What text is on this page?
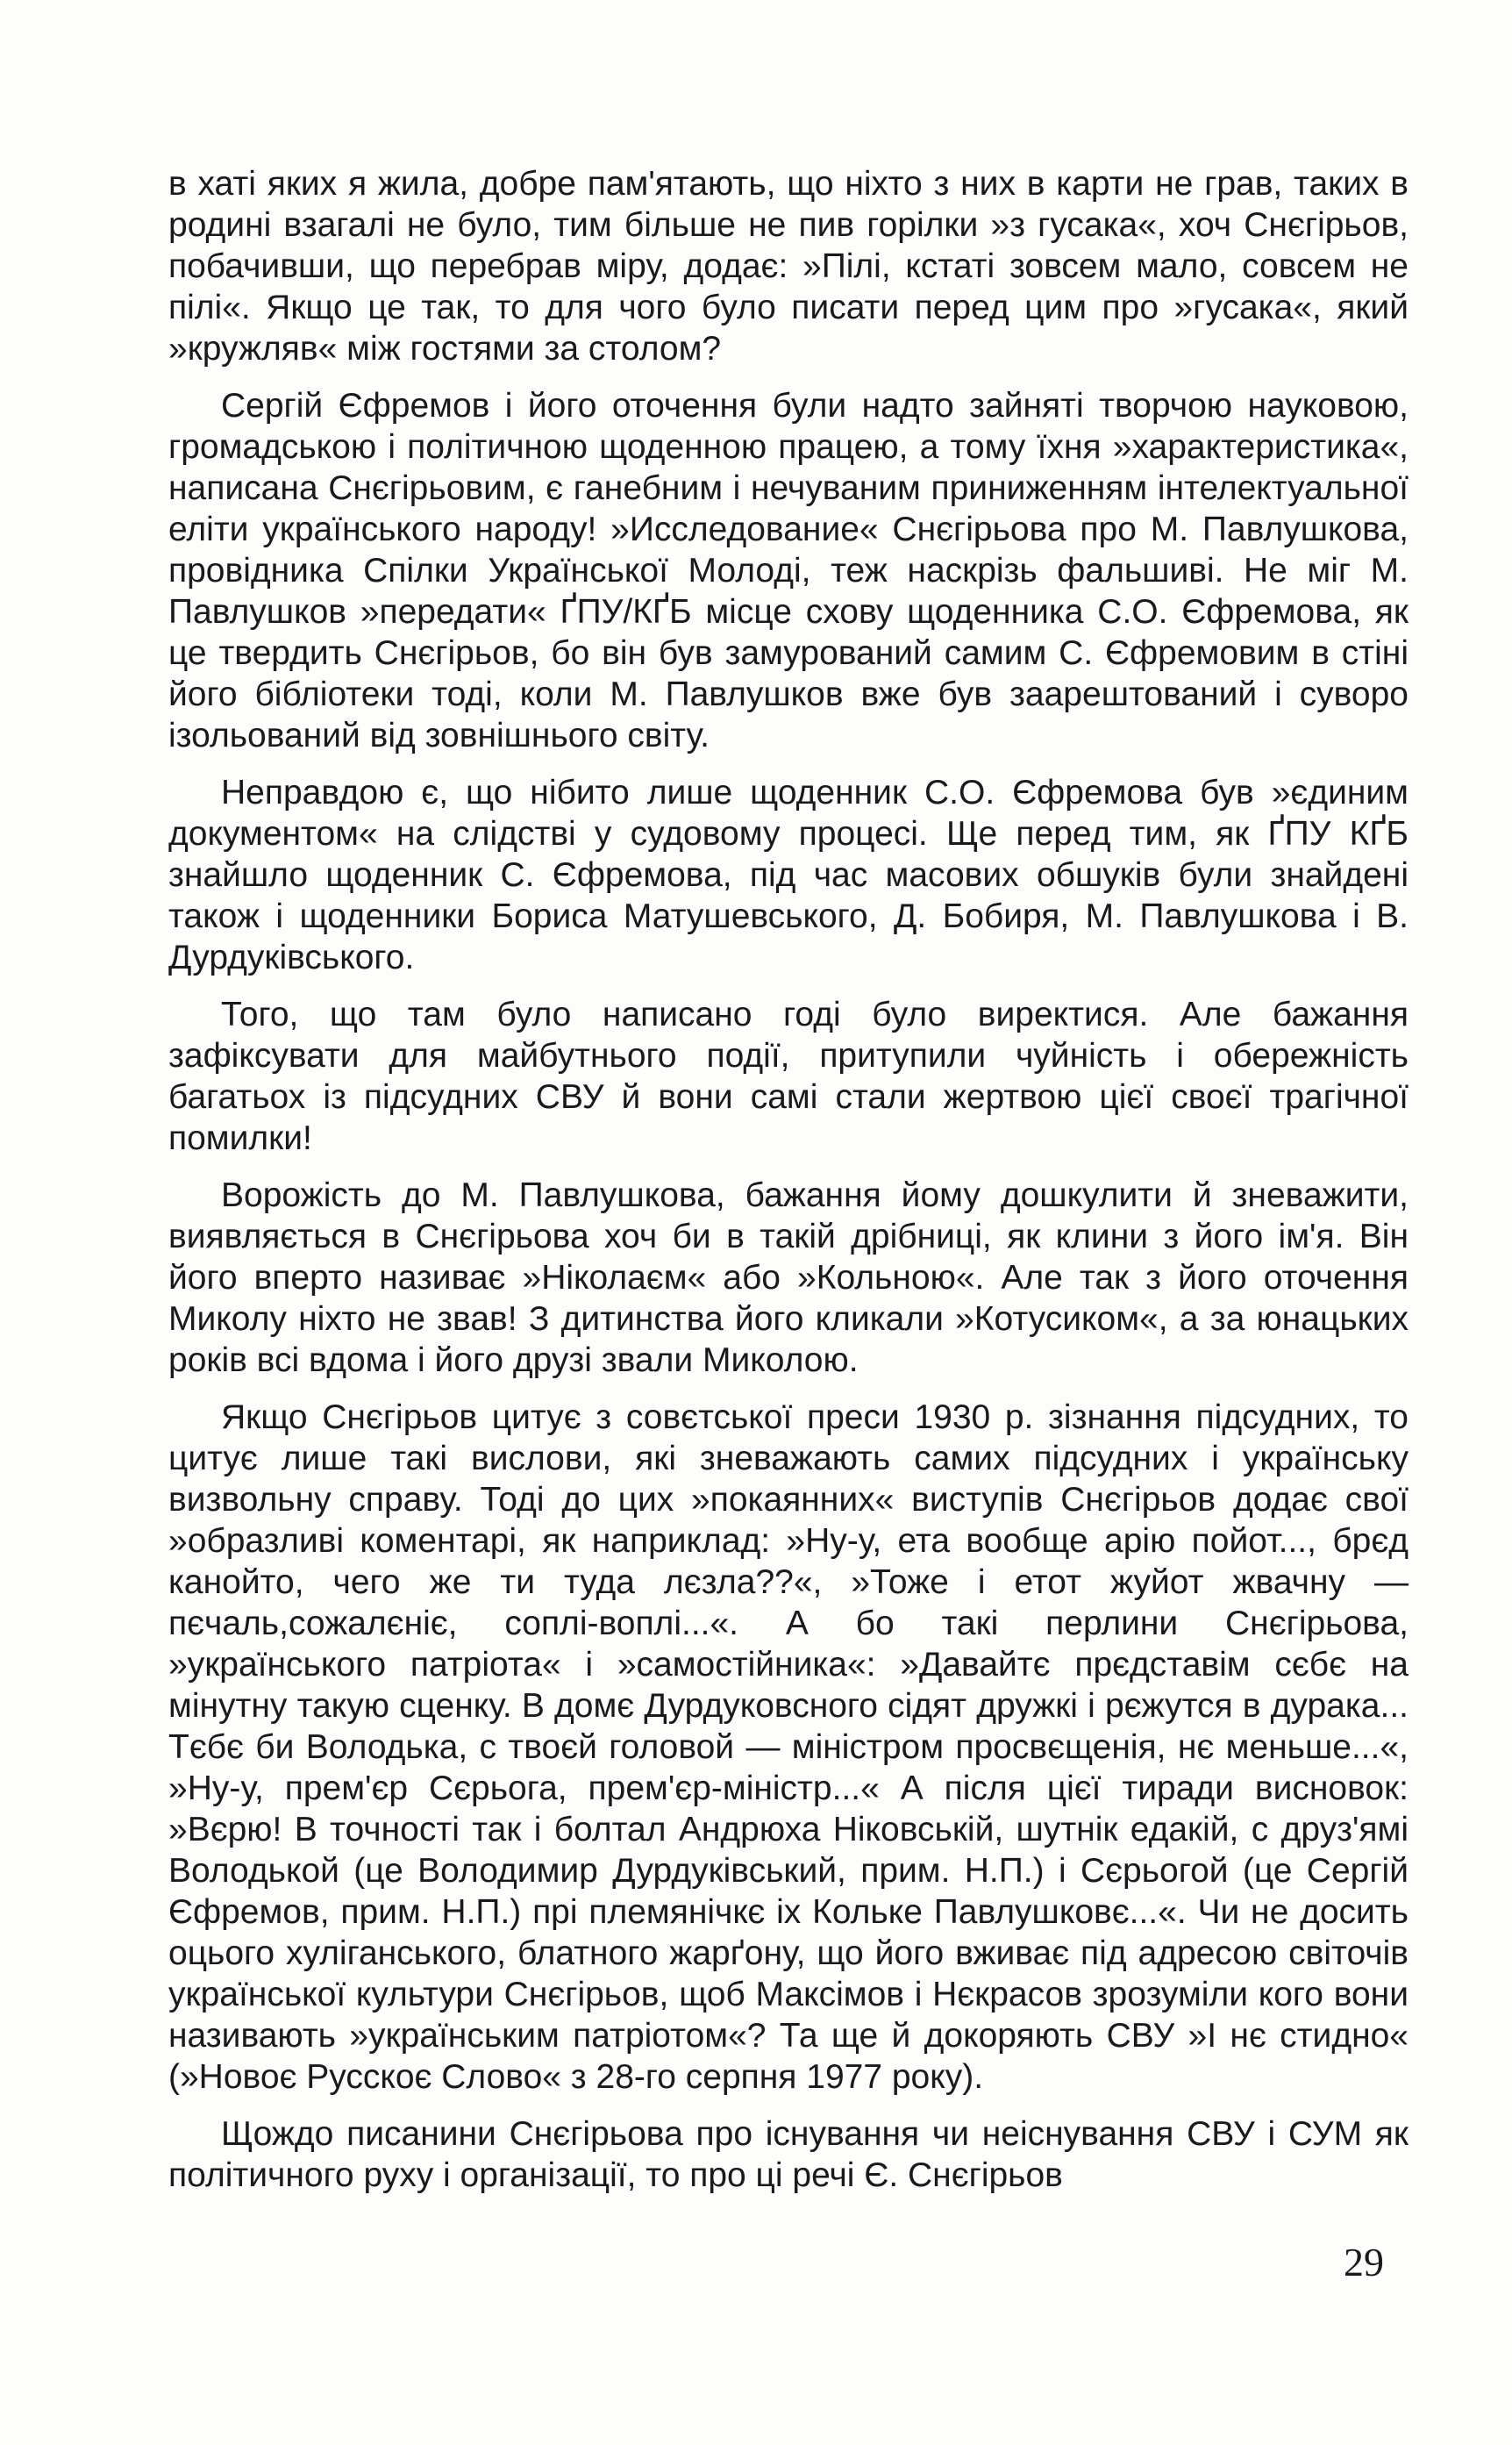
в хаті яких я жила, добре пам'ятають, що ніхто з них в карти не грав, таких в родині взагалі не було, тим більше не пив горілки »з гусака«, хоч Снєгірьов, побачивши, що перебрав міру, додає: »Пілі, кстаті зовсем мало, совсем не пілі«. Якщо це так, то для чого було писати перед цим про »гусака«, який »кружляв« між гостями за столом?

Сергій Єфремов і його оточення були надто зайняті творчою науковою, громадською і політичною щоденною працею, а тому їхня »характеристика«, написана Снєгірьовим, є ганебним і нечуваним приниженням інтелектуальної еліти українського народу! »Исследование« Снєгірьова про М. Павлушкова, провідника Спілки Української Молоді, теж наскрізь фальшиві. Не міг М. Павлушков »передати« ҐПУ/КҐБ місце схову щоденника С.О. Єфремова, як це твердить Снєгірьов, бо він був замурований самим С. Єфремовим в стіні його бібліотеки тоді, коли М. Павлушков вже був заарештований і суворо ізольований від зовнішнього світу.

Неправдою є, що нібито лише щоденник С.О. Єфремова був »єдиним документом« на слідстві у судовому процесі. Ще перед тим, як ҐПУ КҐБ знайшло щоденник С. Єфремова, під час масових обшуків були знайдені також і щоденники Бориса Матушевського, Д. Бобиря, М. Павлушкова і В. Дурдуківського.

Того, що там було написано годі було виректися. Але бажання зафіксувати для майбутнього події, притупили чуйність і обережність багатьох із підсудних СВУ й вони самі стали жертвою цієї своєї трагічної помилки!

Ворожість до М. Павлушкова, бажання йому дошкулити й зневажити, виявляється в Снєгірьова хоч би в такій дрібниці, як клини з його ім'я. Він його вперто називає »Ніколаєм« або »Кольною«. Але так з його оточення Миколу ніхто не звав! З дитинства його кликали »Котусиком«, а за юнацьких років всі вдома і його друзі звали Миколою.

Якщо Снєгірьов цитує з совєтської преси 1930 р. зізнання підсудних, то цитує лише такі вислови, які зневажають самих підсудних і українську визвольну справу. Тоді до цих »покаянних« виступів Снєгірьов додає свої »образливі коментарі, як наприклад: »Ну-у, ета вообще арію пойот..., брєд канойто, чего же ти туда лєзла??«, »Тоже і етот жуйот жвачну — пєчаль,сожалєніє, соплі-воплі...«. А бо такі перлини Снєгірьова, »українського патріота« і »самостійника«: »Давайтє прєдставім сєбє на мінутну такую сценку. В домє Дурдуковсного сідят дружкі і рєжутся в дурака... Тєбє би Володька, с твоєй головой — міністром просвєщенія, нє меньше...«, »Ну-у, прем'єр Сєрьога, прем'єр-міністр...« А після цієї тиради висновок: »Вєрю! В точності так і болтал Андрюха Ніковській, шутнік едакій, с друз'ямі Володькой (це Володимир Дурдуківський, прим. Н.П.) і Сєрьогой (це Сергій Єфремов, прим. Н.П.) прі племянічкє іх Кольке Павлушковє...«. Чи не досить оцього хуліганського, блатного жарґону, що його вживає під адресою світочів української культури Снєгірьов, щоб Максімов і Нєкрасов зрозуміли кого вони називають »українським патріотом«? Та ще й докоряють СВУ »І нє стидно« (»Новоє Русскоє Слово« з 28-го серпня 1977 року).

Щождо писанини Снєгірьова про існування чи неіснування СВУ і СУМ як політичного руху і організації, то про ці речі Є. Снєгірьов

29
